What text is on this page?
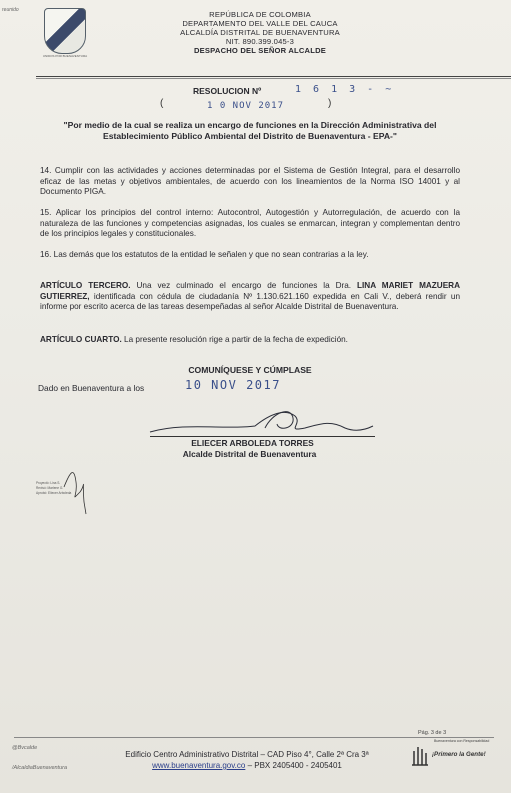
reunido
UNIDOS POR BUENAVENTURA
REPÚBLICA DE COLOMBIA
DEPARTAMENTO DEL VALLE DEL CAUCA
ALCALDÍA DISTRITAL DE BUENAVENTURA
NIT. 890.399.045-3
DESPACHO DEL SEÑOR ALCALDE
RESOLUCION Nº	1 6 1 3 - ~
(	1 0 NOV 2017	)
"Por medio de la cual se realiza un encargo de funciones en la Dirección Administrativa del Establecimiento Público Ambiental del Distrito de Buenaventura - EPA-"
14. Cumplir con las actividades y acciones determinadas por el Sistema de Gestión Integral, para el desarrollo eficaz de las metas y objetivos ambientales, de acuerdo con los lineamientos de la Norma ISO 14001 y al Documento PIGA.
15. Aplicar los principios del control interno: Autocontrol, Autogestión y Autorregulación, de acuerdo con la naturaleza de las funciones y competencias asignadas, los cuales se enmarcan, integran y complementan dentro de los principios legales y constitucionales.
16. Las demás que los estatutos de la entidad le señalen y que no sean contrarias a la ley.
ARTÍCULO TERCERO. Una vez culminado el encargo de funciones la Dra. LINA MARIET MAZUERA GUTIERREZ, identificada con cédula de ciudadanía Nº 1.130.621.160 expedida en Cali V., deberá rendir un informe por escrito acerca de las tareas desempeñadas al señor Alcalde Distrital de Buenaventura.
ARTÍCULO CUARTO. La presente resolución rige a partir de la fecha de expedición.
COMUNÍQUESE Y CÚMPLASE
Dado en Buenaventura a los	10 NOV 2017
ELIECER ARBOLEDA TORRES
Alcalde Distrital de Buenaventura
Proyectó: Lina S.
Revisó: Marlene G.
Aprobó: Eliecer Arboleda
Pág. 3 de 3
Edificio Centro Administrativo Distrital – CAD Piso 4°, Calle 2ª Cra 3ª
www.buenaventura.gov.co – PBX 2405400 - 2405401
@Bvcalde
/AlcaldiaBuenaventura
Buenaventura con Responsabilidad
¡Primero la Gente!
